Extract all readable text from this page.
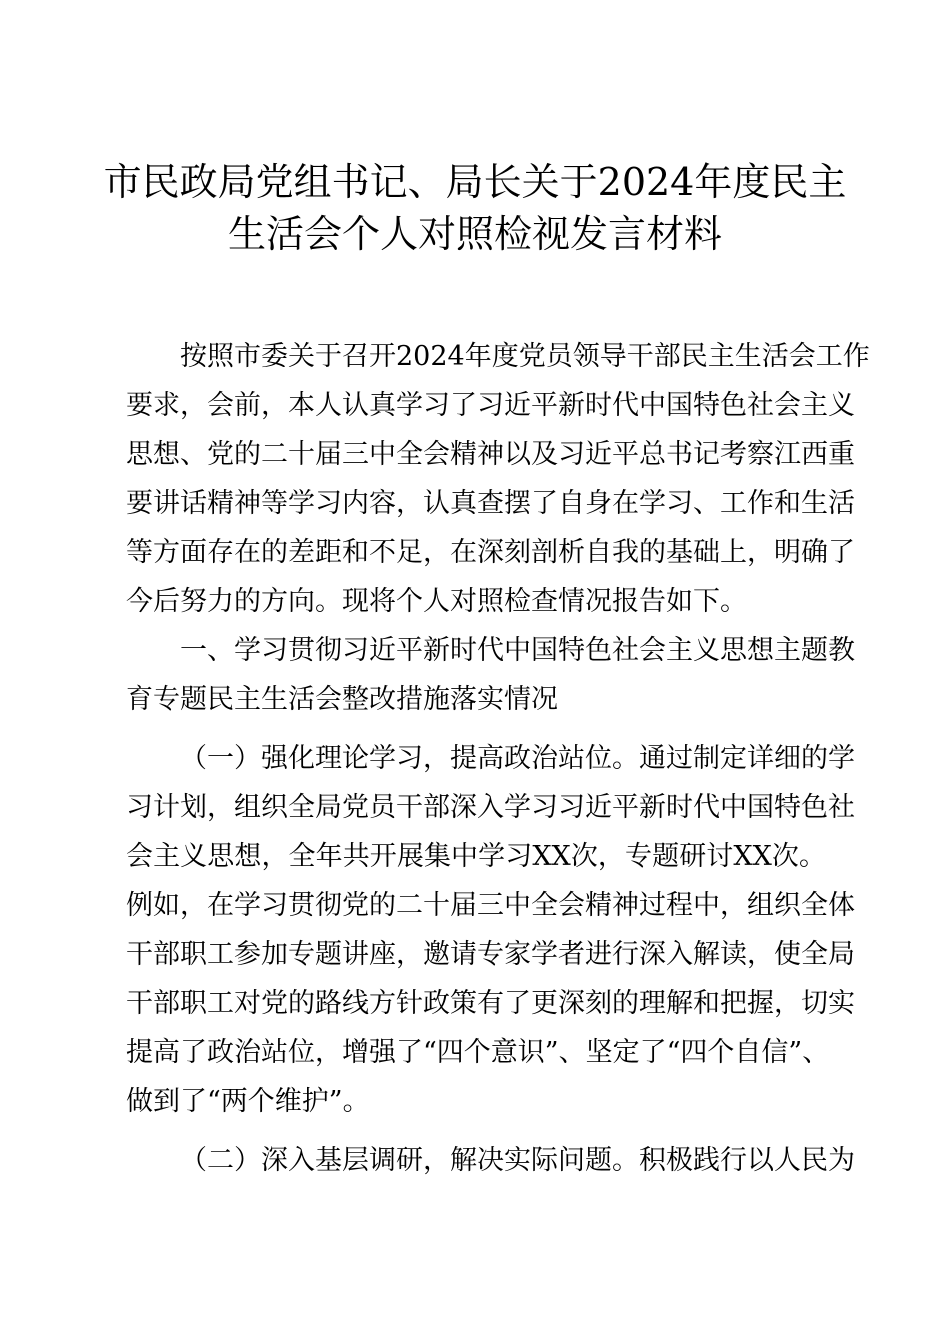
市民政局党组书记、局长关于2024年度民主
生活会个人对照检视发言材料
按照市委关于召开2024年度党员领导干部民主生活会工作
要求，会前，本人认真学习了习近平新时代中国特色社会主义
思想、党的二十届三中全会精神以及习近平总书记考察江西重
要讲话精神等学习内容，认真查摆了自身在学习、工作和生活
等方面存在的差距和不足，在深刻剖析自我的基础上，明确了
今后努力的方向。现将个人对照检查情况报告如下。
一、学习贯彻习近平新时代中国特色社会主义思想主题教
育专题民主生活会整改措施落实情况
（一）强化理论学习，提高政治站位。通过制定详细的学
习计划，组织全局党员干部深入学习习近平新时代中国特色社
会主义思想，全年共开展集中学习XX次，专题研讨XX次。
例如，在学习贯彻党的二十届三中全会精神过程中，组织全体
干部职工参加专题讲座，邀请专家学者进行深入解读，使全局
干部职工对党的路线方针政策有了更深刻的理解和把握，切实
提高了政治站位，增强了“四个意识”、坚定了“四个自信”、
做到了“两个维护”。
（二）深入基层调研，解决实际问题。积极践行以人民为
